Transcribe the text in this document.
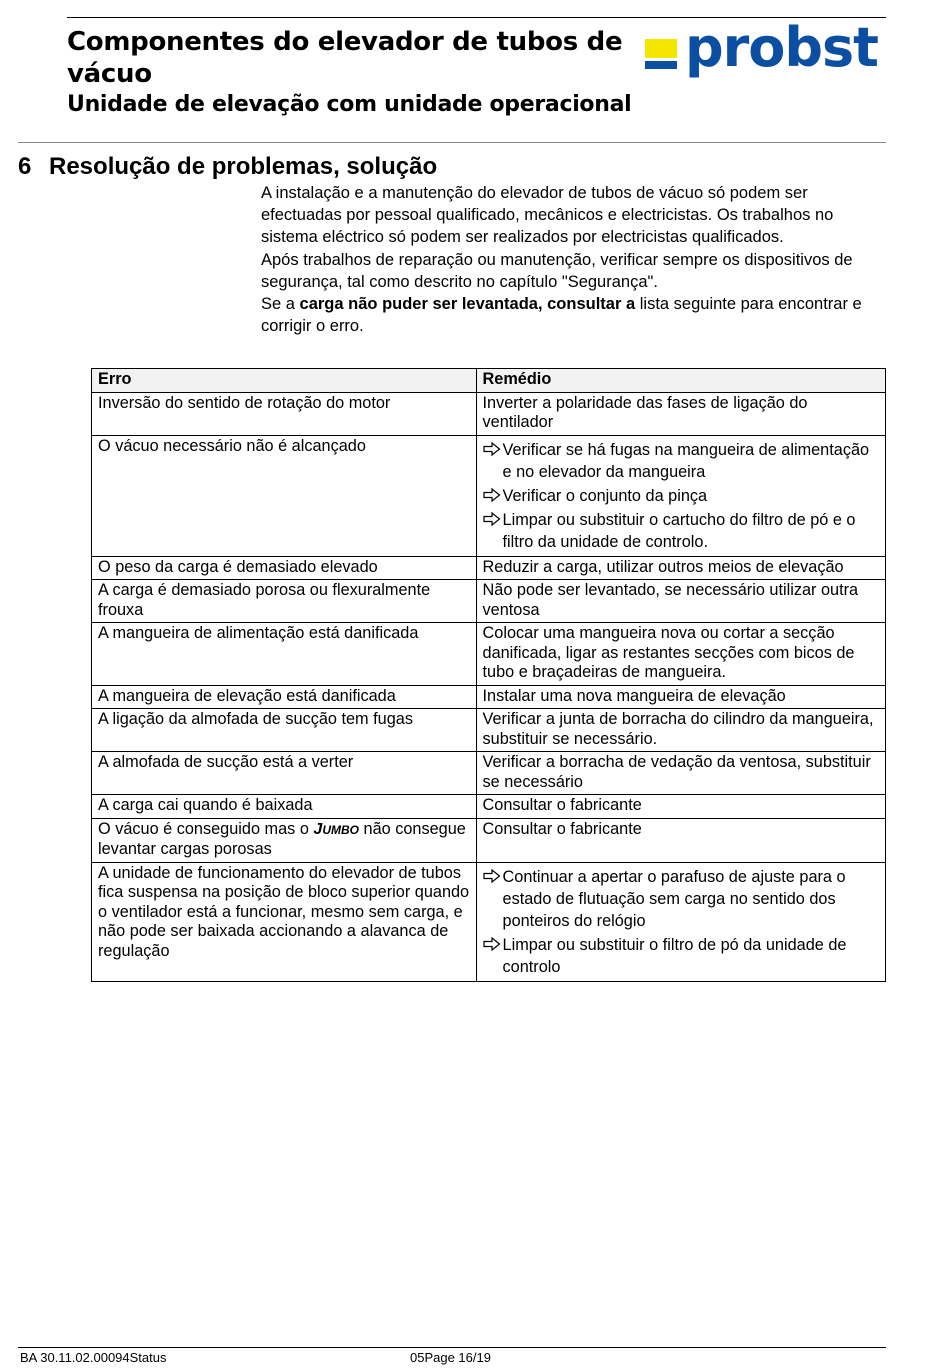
Componentes do elevador de tubos de vácuo
Unidade de elevação com unidade operacional
probst
6 Resolução de problemas, solução

A instalação e a manutenção do elevador de tubos de vácuo só podem ser efectuadas por pessoal qualificado, mecânicos e electricistas. Os trabalhos no sistema eléctrico só podem ser realizados por electricistas qualificados.

Após trabalhos de reparação ou manutenção, verificar sempre os dispositivos de segurança, tal como descrito no capítulo "Segurança".

Se a carga não puder ser levantada, consultar a lista seguinte para encontrar e corrigir o erro.

Erro	Remédio
Inversão do sentido de rotação do motor	Inverter a polaridade das fases de ligação do ventilador
O vácuo necessário não é alcançado	Verificar se há fugas na mangueira de alimentação e no elevador da mangueira
Verificar o conjunto da pinça
Limpar ou substituir o cartucho do filtro de pó e o filtro da unidade de controlo.

O peso da carga é demasiado elevado	Reduzir a carga, utilizar outros meios de elevação
A carga é demasiado porosa ou flexuralmente frouxa	Não pode ser levantado, se necessário utilizar outra ventosa
A mangueira de alimentação está danificada	Colocar uma mangueira nova ou cortar a secção danificada, ligar as restantes secções com bicos de tubo e braçadeiras de mangueira.
A mangueira de elevação está danificada	Instalar uma nova mangueira de elevação
A ligação da almofada de sucção tem fugas	Verificar a junta de borracha do cilindro da mangueira, substituir se necessário.
A almofada de sucção está a verter	Verificar a borracha de vedação da ventosa, substituir se necessário
A carga cai quando é baixada	Consultar o fabricante
O vácuo é conseguido mas o JUMBO não consegue levantar cargas porosas	Consultar o fabricante
A unidade de funcionamento do elevador de tubos fica suspensa na posição de bloco superior quando o ventilador está a funcionar, mesmo sem carga, e não pode ser baixada accionando a alavanca de regulação	Continuar a apertar o parafuso de ajuste para o estado de flutuação sem carga no sentido dos ponteiros do relógio
Limpar ou substituir o filtro de pó da unidade de controlo
BA 30.11.02.00094Status	05Page 16/19
